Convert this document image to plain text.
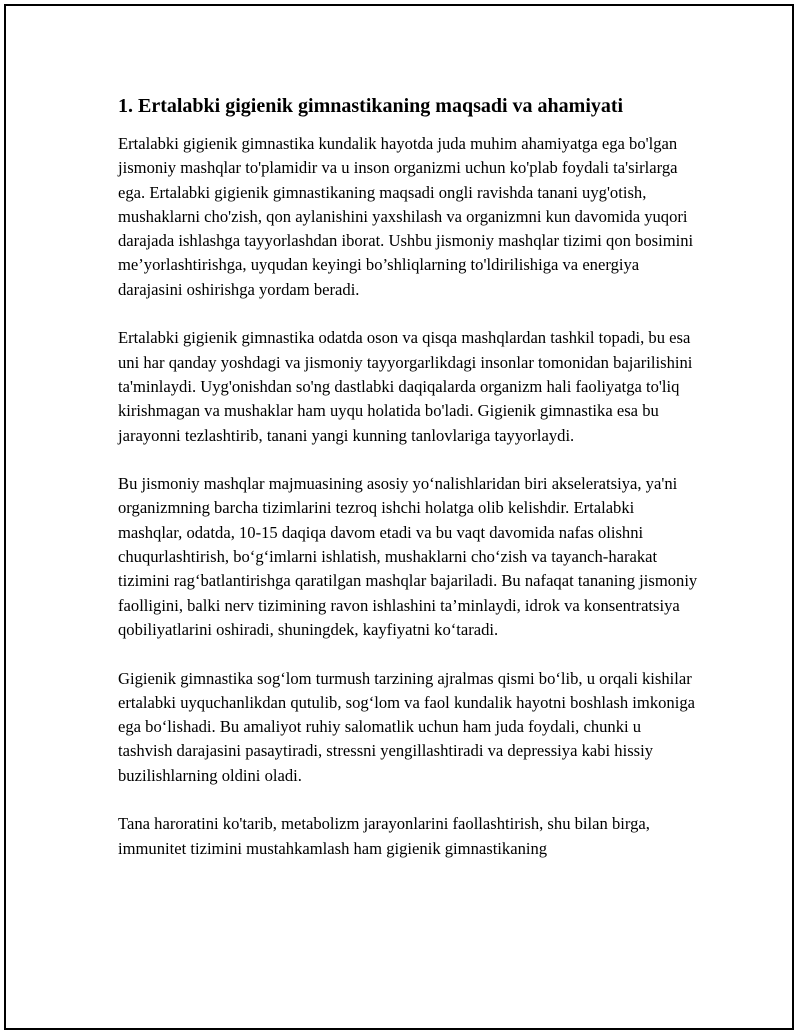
1. Ertalabki gigienik gimnastikaning maqsadi va ahamiyati

Ertalabki gigienik gimnastika kundalik hayotda juda muhim ahamiyatga ega bo'lgan jismoniy mashqlar to'plamidir va u inson organizmi uchun ko'plab foydali ta'sirlarga ega. Ertalabki gigienik gimnastikaning maqsadi ongli ravishda tanani uyg'otish, mushaklarni cho'zish, qon aylanishini yaxshilash va organizmni kun davomida yuqori darajada ishlashga tayyorlashdan iborat. Ushbu jismoniy mashqlar tizimi qon bosimini me’yorlashtirishga, uyqudan keyingi bo’shliqlarning to'ldirilishiga va energiya darajasini oshirishga yordam beradi.

Ertalabki gigienik gimnastika odatda oson va qisqa mashqlardan tashkil topadi, bu esa uni har qanday yoshdagi va jismoniy tayyorgarlikdagi insonlar tomonidan bajarilishini ta'minlaydi. Uyg'onishdan so'ng dastlabki daqiqalarda organizm hali faoliyatga to'liq kirishmagan va mushaklar ham uyqu holatida bo'ladi. Gigienik gimnastika esa bu jarayonni tezlashtirib, tanani yangi kunning tanlovlariga tayyorlaydi.

Bu jismoniy mashqlar majmuasining asosiy yo‘nalishlaridan biri akseleratsiya, ya'ni organizmning barcha tizimlarini tezroq ishchi holatga olib kelishdir. Ertalabki mashqlar, odatda, 10-15 daqiqa davom etadi va bu vaqt davomida nafas olishni chuqurlashtirish, bo‘g‘imlarni ishlatish, mushaklarni cho‘zish va tayanch-harakat tizimini rag‘batlantirishga qaratilgan mashqlar bajariladi. Bu nafaqat tananing jismoniy faolligini, balki nerv tizimining ravon ishlashini ta’minlaydi, idrok va konsentratsiya qobiliyatlarini oshiradi, shuningdek, kayfiyatni ko‘taradi.

Gigienik gimnastika sog‘lom turmush tarzining ajralmas qismi bo‘lib, u orqali kishilar ertalabki uyquchanlikdan qutulib, sog‘lom va faol kundalik hayotni boshlash imkoniga ega bo‘lishadi. Bu amaliyot ruhiy salomatlik uchun ham juda foydali, chunki u tashvish darajasini pasaytiradi, stressni yengillashtiradi va depressiya kabi hissiy buzilishlarning oldini oladi.

Tana haroratini ko'tarib, metabolizm jarayonlarini faollashtirish, shu bilan birga, immunitet tizimini mustahkamlash ham gigienik gimnastikaning
